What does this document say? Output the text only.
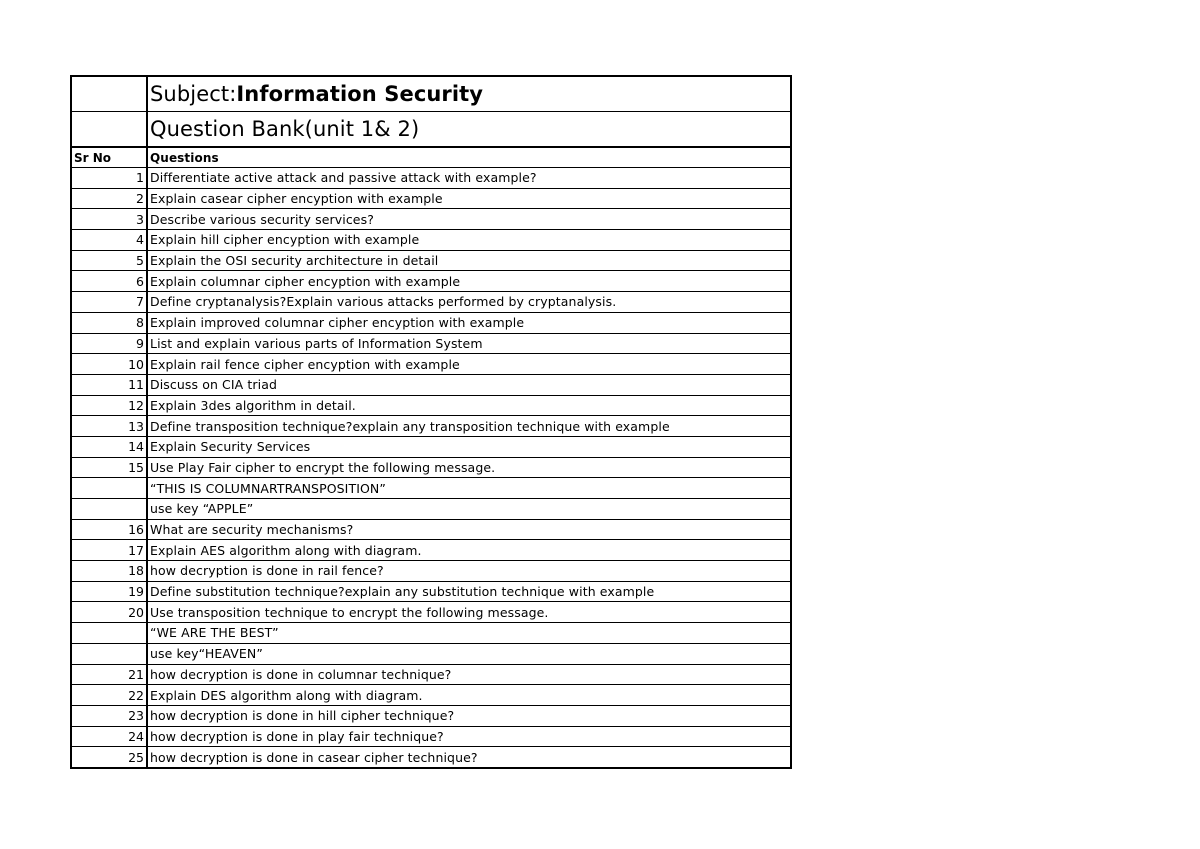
	Subject:Information Security
	Question Bank(unit 1& 2)
Sr No	Questions
1	Differentiate active attack and passive attack with example?
2	Explain casear cipher encyption with example
3	Describe various security services?
4	Explain hill cipher encyption with example
5	Explain the OSI security architecture in detail
6	Explain columnar cipher encyption with example
7	Define cryptanalysis?Explain various attacks performed by cryptanalysis.
8	Explain improved columnar cipher encyption with example
9	List and explain various parts of Information System
10	Explain rail fence cipher encyption with example
11	Discuss on CIA triad
12	Explain 3des algorithm in detail.
13	Define transposition technique?explain any transposition technique with example
14	Explain Security Services
15	Use Play Fair cipher to encrypt the following message.
	“THIS IS COLUMNARTRANSPOSITION”
	use key “APPLE”
16	What are security mechanisms?
17	Explain AES algorithm along with diagram.
18	how decryption is done in rail fence?
19	Define substitution technique?explain any substitution technique with example
20	Use transposition technique to encrypt the following message.
	“WE ARE THE BEST”
	use key“HEAVEN”
21	how decryption is done in columnar technique?
22	Explain DES algorithm along with diagram.
23	how decryption is done in hill cipher technique?
24	how decryption is done in play fair technique?
25	how decryption is done in casear cipher technique?
